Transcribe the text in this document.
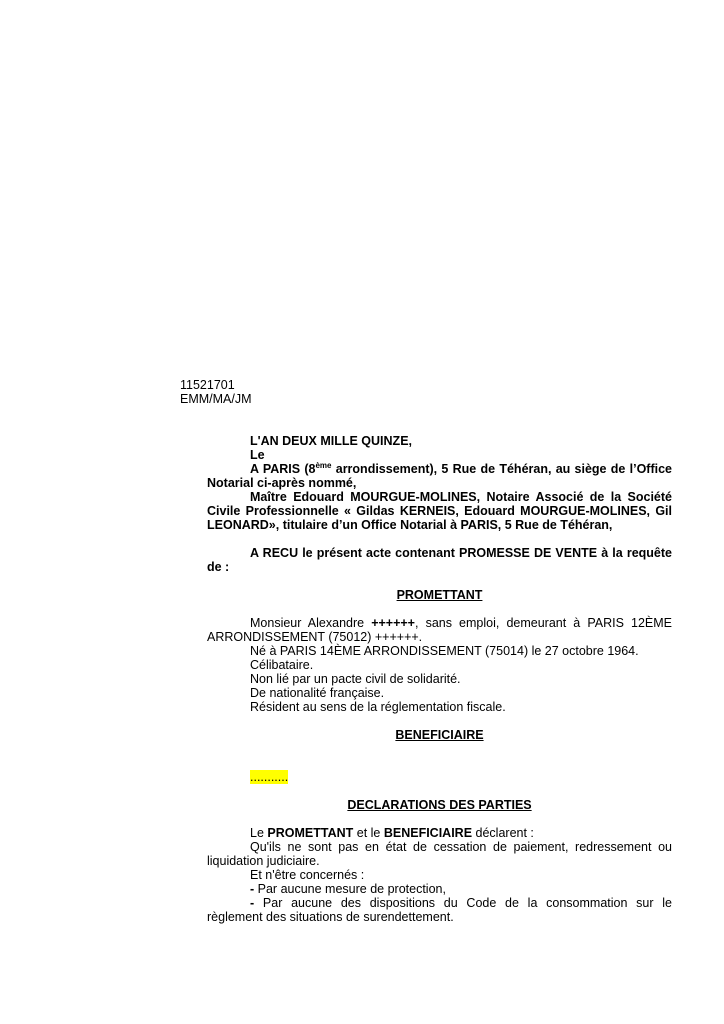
11521701
EMM/MA/JM

L'AN DEUX MILLE QUINZE,

Le

A PARIS (8ème arrondissement), 5 Rue de Téhéran, au siège de l’Office Notarial ci-après nommé,

Maître Edouard MOURGUE-MOLINES, Notaire Associé de la Société Civile Professionnelle « Gildas KERNEIS, Edouard MOURGUE-MOLINES, Gil LEONARD», titulaire d’un Office Notarial à PARIS, 5 Rue de Téhéran,

A RECU le présent acte contenant PROMESSE DE VENTE à la requête de :

PROMETTANT

Monsieur Alexandre ++++++, sans emploi, demeurant à PARIS 12ÈME ARRONDISSEMENT (75012) ++++++.

Né à PARIS 14ÈME ARRONDISSEMENT (75014) le 27 octobre 1964.

Célibataire.

Non lié par un pacte civil de solidarité.

De nationalité française.

Résident au sens de la réglementation fiscale.

BENEFICIAIRE

...........

DECLARATIONS DES PARTIES

Le PROMETTANT et le BENEFICIAIRE déclarent :

Qu'ils ne sont pas en état de cessation de paiement, redressement ou liquidation judiciaire.

Et n'être concernés :

- Par aucune mesure de protection,

- Par aucune des dispositions du Code de la consommation sur le règlement des situations de surendettement.
